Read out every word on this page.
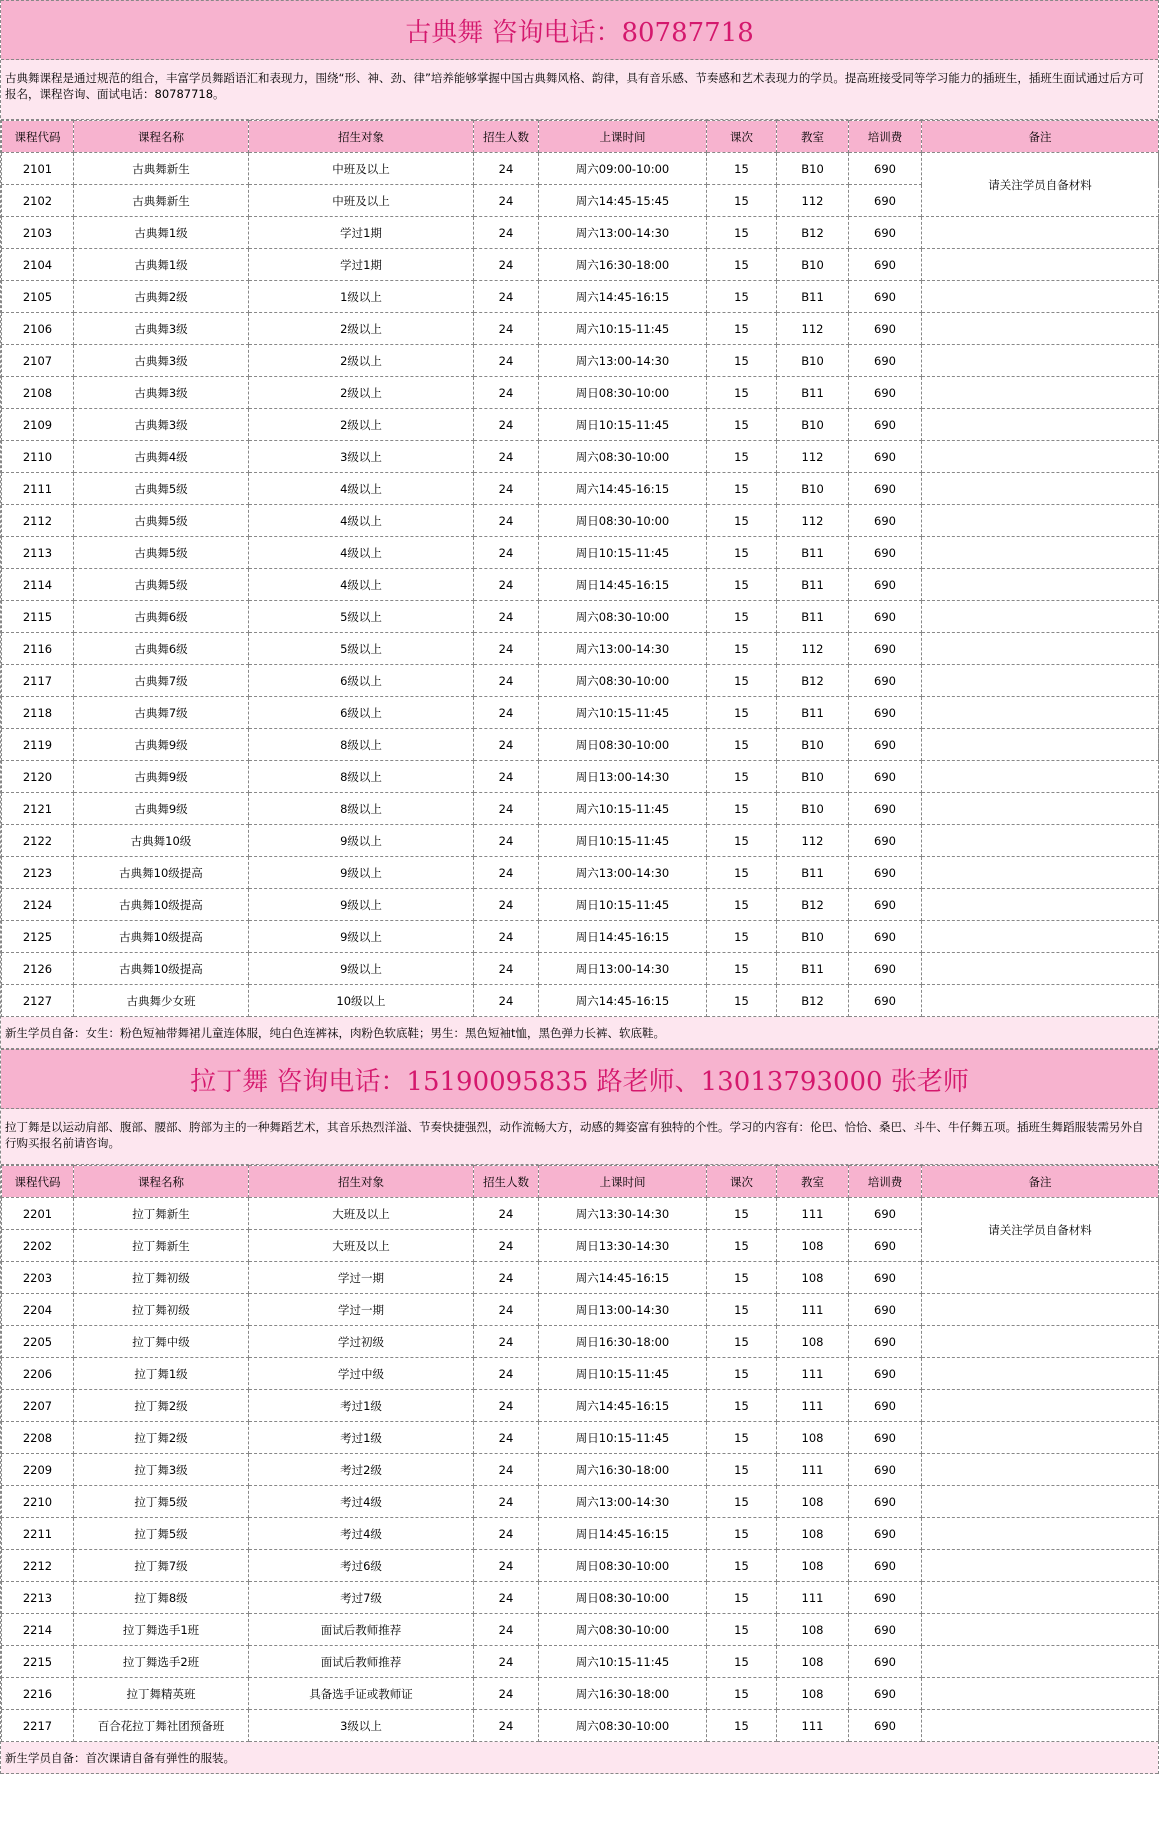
古典舞 咨询电话：80787718
古典舞课程是通过规范的组合，丰富学员舞蹈语汇和表现力，围绕“形、神、劲、律”培养能够掌握中国古典舞风格、韵律，具有音乐感、节奏感和艺术表现力的学员。提高班接受同等学习能力的插班生，插班生面试通过后方可报名，课程咨询、面试电话：80787718。
课程代码	课程名称	招生对象	招生人数	上课时间	课次	教室	培训费	备注
2101	古典舞新生	中班及以上	24	周六09:00-10:00	15	B10	690	请关注学员自备材料
2102	古典舞新生	中班及以上	24	周六14:45-15:45	15	112	690	
2103	古典舞1级	学过1期	24	周六13:00-14:30	15	B12	690	
2104	古典舞1级	学过1期	24	周六16:30-18:00	15	B10	690	
2105	古典舞2级	1级以上	24	周六14:45-16:15	15	B11	690	
2106	古典舞3级	2级以上	24	周六10:15-11:45	15	112	690	
2107	古典舞3级	2级以上	24	周六13:00-14:30	15	B10	690	
2108	古典舞3级	2级以上	24	周日08:30-10:00	15	B11	690	
2109	古典舞3级	2级以上	24	周日10:15-11:45	15	B10	690	
2110	古典舞4级	3级以上	24	周六08:30-10:00	15	112	690	
2111	古典舞5级	4级以上	24	周六14:45-16:15	15	B10	690	
2112	古典舞5级	4级以上	24	周日08:30-10:00	15	112	690	
2113	古典舞5级	4级以上	24	周日10:15-11:45	15	B11	690	
2114	古典舞5级	4级以上	24	周日14:45-16:15	15	B11	690	
2115	古典舞6级	5级以上	24	周六08:30-10:00	15	B11	690	
2116	古典舞6级	5级以上	24	周六13:00-14:30	15	112	690	
2117	古典舞7级	6级以上	24	周六08:30-10:00	15	B12	690	
2118	古典舞7级	6级以上	24	周六10:15-11:45	15	B11	690	
2119	古典舞9级	8级以上	24	周日08:30-10:00	15	B10	690	
2120	古典舞9级	8级以上	24	周日13:00-14:30	15	B10	690	
2121	古典舞9级	8级以上	24	周六10:15-11:45	15	B10	690	
2122	古典舞10级	9级以上	24	周日10:15-11:45	15	112	690	
2123	古典舞10级提高	9级以上	24	周六13:00-14:30	15	B11	690	
2124	古典舞10级提高	9级以上	24	周日10:15-11:45	15	B12	690	
2125	古典舞10级提高	9级以上	24	周日14:45-16:15	15	B10	690	
2126	古典舞10级提高	9级以上	24	周日13:00-14:30	15	B11	690	
2127	古典舞少女班	10级以上	24	周六14:45-16:15	15	B12	690	
新生学员自备：女生：粉色短袖带舞裙儿童连体服，纯白色连裤袜，肉粉色软底鞋；男生：黑色短袖t恤，黑色弹力长裤、软底鞋。
拉丁舞 咨询电话：15190095835 路老师、13013793000 张老师
拉丁舞是以运动肩部、腹部、腰部、胯部为主的一种舞蹈艺术，其音乐热烈洋溢、节奏快捷强烈，动作流畅大方，动感的舞姿富有独特的个性。学习的内容有：伦巴、恰恰、桑巴、斗牛、牛仔舞五项。插班生舞蹈服装需另外自行购买报名前请咨询。
课程代码	课程名称	招生对象	招生人数	上课时间	课次	教室	培训费	备注
2201	拉丁舞新生	大班及以上	24	周六13:30-14:30	15	111	690	请关注学员自备材料
2202	拉丁舞新生	大班及以上	24	周日13:30-14:30	15	108	690	
2203	拉丁舞初级	学过一期	24	周六14:45-16:15	15	108	690	
2204	拉丁舞初级	学过一期	24	周日13:00-14:30	15	111	690	
2205	拉丁舞中级	学过初级	24	周日16:30-18:00	15	108	690	
2206	拉丁舞1级	学过中级	24	周日10:15-11:45	15	111	690	
2207	拉丁舞2级	考过1级	24	周六14:45-16:15	15	111	690	
2208	拉丁舞2级	考过1级	24	周日10:15-11:45	15	108	690	
2209	拉丁舞3级	考过2级	24	周六16:30-18:00	15	111	690	
2210	拉丁舞5级	考过4级	24	周六13:00-14:30	15	108	690	
2211	拉丁舞5级	考过4级	24	周日14:45-16:15	15	108	690	
2212	拉丁舞7级	考过6级	24	周日08:30-10:00	15	108	690	
2213	拉丁舞8级	考过7级	24	周日08:30-10:00	15	111	690	
2214	拉丁舞选手1班	面试后教师推荐	24	周六08:30-10:00	15	108	690	
2215	拉丁舞选手2班	面试后教师推荐	24	周六10:15-11:45	15	108	690	
2216	拉丁舞精英班	具备选手证或教师证	24	周六16:30-18:00	15	108	690	
2217	百合花拉丁舞社团预备班	3级以上	24	周六08:30-10:00	15	111	690	
新生学员自备：首次课请自备有弹性的服装。
